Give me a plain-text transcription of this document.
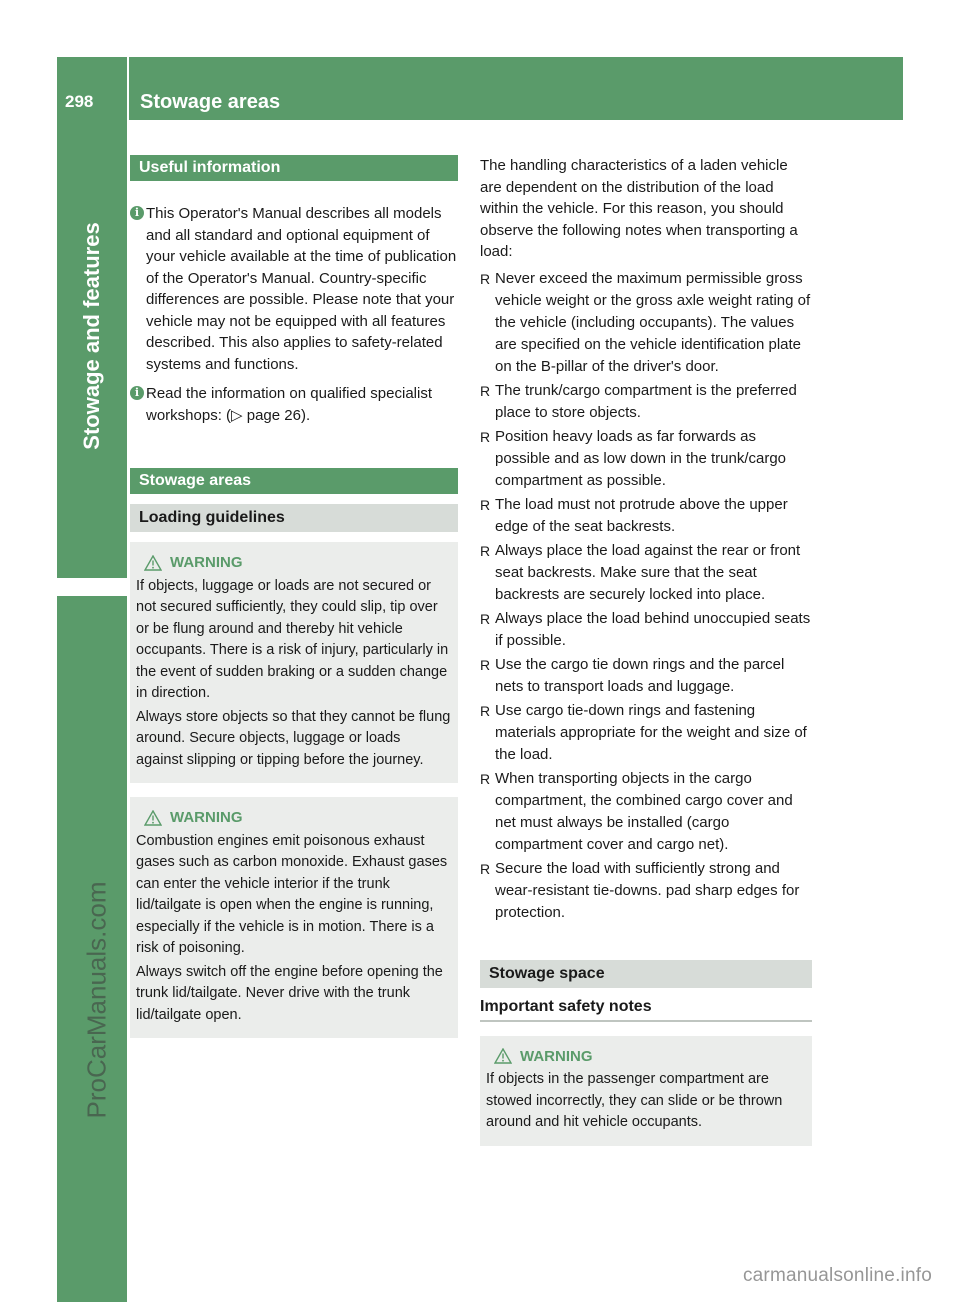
298	Stowage areas
Stowage and features
ProCarManuals.com
Useful information
i This Operator's Manual describes all models and all standard and optional equipment of your vehicle available at the time of publication of the Operator's Manual. Country-specific differences are possible. Please note that your vehicle may not be equipped with all features described. This also applies to safety-related systems and functions.

i Read the information on qualified specialist workshops: (▷ page 26).

Stowage areas
Loading guidelines
WARNING

If objects, luggage or loads are not secured or not secured sufficiently, they could slip, tip over or be flung around and thereby hit vehicle occupants. There is a risk of injury, particularly in the event of sudden braking or a sudden change in direction.

Always store objects so that they cannot be flung around. Secure objects, luggage or loads against slipping or tipping before the journey.

WARNING

Combustion engines emit poisonous exhaust gases such as carbon monoxide. Exhaust gases can enter the vehicle interior if the trunk lid/tailgate is open when the engine is running, especially if the vehicle is in motion. There is a risk of poisoning.

Always switch off the engine before opening the trunk lid/tailgate. Never drive with the trunk lid/tailgate open.

The handling characteristics of a laden vehicle are dependent on the distribution of the load within the vehicle. For this reason, you should observe the following notes when transporting a load:

R Never exceed the maximum permissible gross vehicle weight or the gross axle weight rating of the vehicle (including occupants). The values are specified on the vehicle identification plate on the B-pillar of the driver's door.
R The trunk/cargo compartment is the preferred place to store objects.
R Position heavy loads as far forwards as possible and as low down in the trunk/cargo compartment as possible.
R The load must not protrude above the upper edge of the seat backrests.
R Always place the load against the rear or front seat backrests. Make sure that the seat backrests are securely locked into place.
R Always place the load behind unoccupied seats if possible.
R Use the cargo tie down rings and the parcel nets to transport loads and luggage.
R Use cargo tie-down rings and fastening materials appropriate for the weight and size of the load.
R When transporting objects in the cargo compartment, the combined cargo cover and net must always be installed (cargo compartment cover and cargo net).
R Secure the load with sufficiently strong and wear-resistant tie-downs. pad sharp edges for protection.
Stowage space
Important safety notes
WARNING

If objects in the passenger compartment are stowed incorrectly, they can slide or be thrown around and hit vehicle occupants.

carmanualsonline.info
